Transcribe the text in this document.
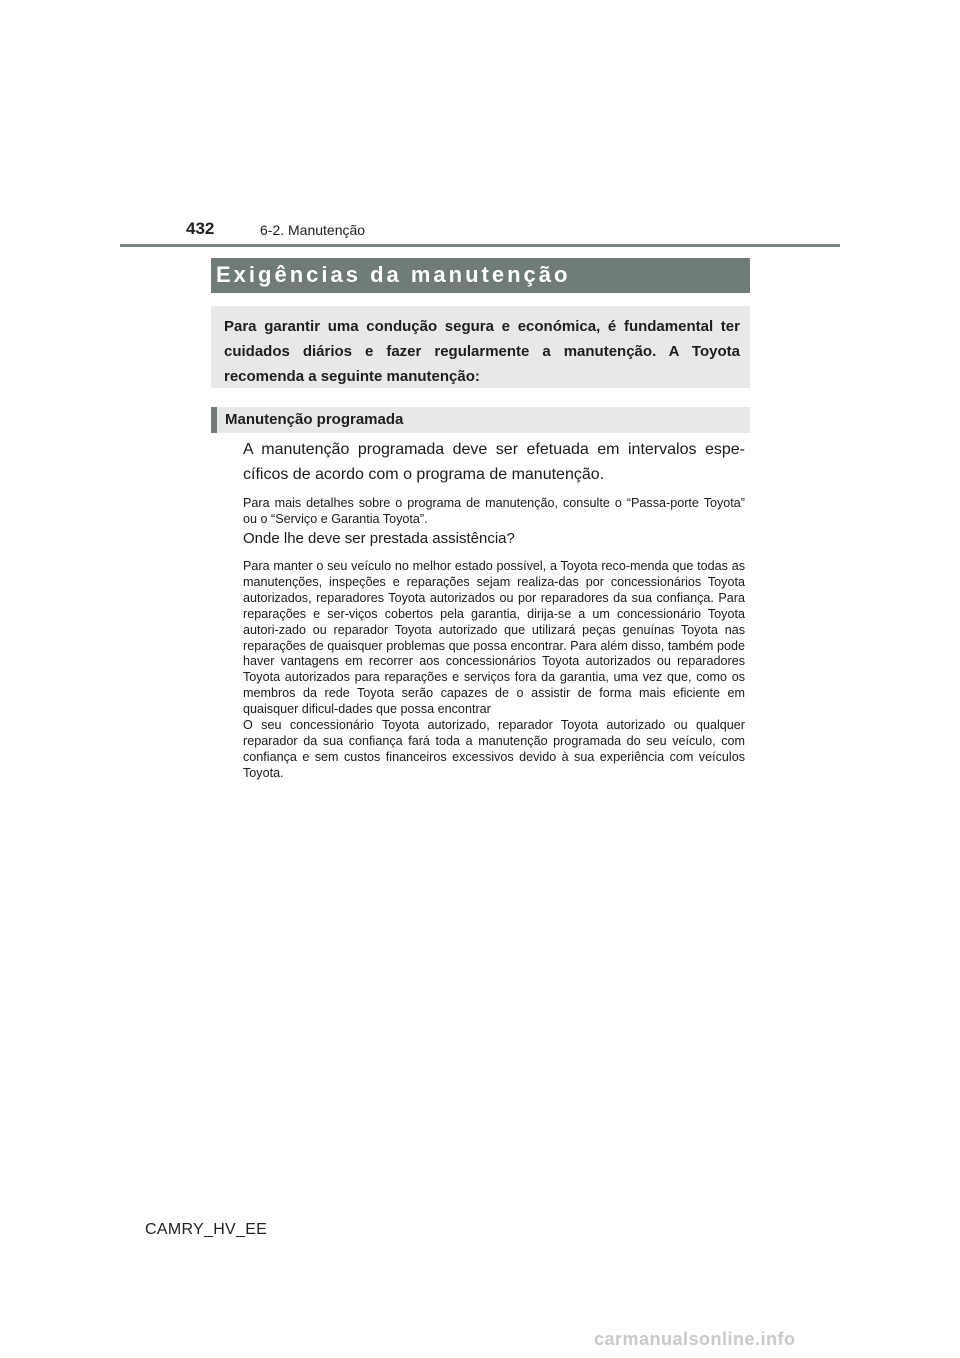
432	6-2. Manutenção
Exigências da manutenção
Para garantir uma condução segura e económica, é fundamental ter cuidados diários e fazer regularmente a manutenção. A Toyota recomenda a seguinte manutenção:
Manutenção programada

A manutenção programada deve ser efetuada em intervalos espe-cíficos de acordo com o programa de manutenção.

Para mais detalhes sobre o programa de manutenção, consulte o “Passa-porte Toyota” ou o “Serviço e Garantia Toyota”.

Onde lhe deve ser prestada assistência?

Para manter o seu veículo no melhor estado possível, a Toyota reco-menda que todas as manutenções, inspeções e reparações sejam realiza-das por concessionários Toyota autorizados, reparadores Toyota autorizados ou por reparadores da sua confiança. Para reparações e ser-viços cobertos pela garantia, dirija-se a um concessionário Toyota autori-zado ou reparador Toyota autorizado que utilizará peças genuínas Toyota nas reparações de quaisquer problemas que possa encontrar. Para além disso, também pode haver vantagens em recorrer aos concessionários Toyota autorizados ou reparadores Toyota autorizados para reparações e serviços fora da garantia, uma vez que, como os membros da rede Toyota serão capazes de o assistir de forma mais eficiente em quaisquer dificul-dades que possa encontrar

O seu concessionário Toyota autorizado, reparador Toyota autorizado ou qualquer reparador da sua confiança fará toda a manutenção programada do seu veículo, com confiança e sem custos financeiros excessivos devido à sua experiência com veículos Toyota.

CAMRY_HV_EE
carmanualsonline.info
